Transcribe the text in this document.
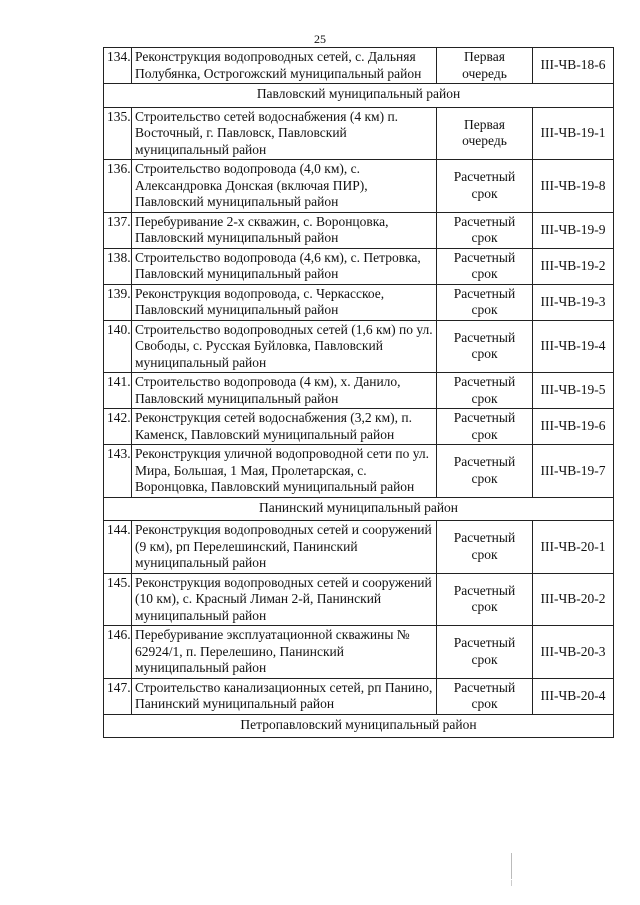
25
134.	Реконструкция водопроводных сетей, с. Дальняя Полубянка, Острогожский муниципальный район	Первая очередь	III-ЧВ-18-6
Павловский муниципальный район			
135.	Строительство сетей водоснабжения (4 км) п. Восточный, г. Павловск, Павловский муниципальный район	Первая очередь	III-ЧВ-19-1
136.	Строительство водопровода (4,0 км), с. Александровка Донская (включая ПИР), Павловский муниципальный район	Расчетный срок	III-ЧВ-19-8
137.	Перебуривание 2-х скважин, с. Воронцовка, Павловский муниципальный район	Расчетный срок	III-ЧВ-19-9
138.	Строительство водопровода (4,6 км), с. Петровка, Павловский муниципальный район	Расчетный срок	III-ЧВ-19-2
139.	Реконструкция водопровода, с. Черкасское, Павловский муниципальный район	Расчетный срок	III-ЧВ-19-3
140.	Строительство водопроводных сетей (1,6 км) по ул. Свободы, с. Русская Буйловка, Павловский муниципальный район	Расчетный срок	III-ЧВ-19-4
141.	Строительство водопровода (4 км), х. Данило, Павловский муниципальный район	Расчетный срок	III-ЧВ-19-5
142.	Реконструкция сетей водоснабжения (3,2 км), п. Каменск, Павловский муниципальный район	Расчетный срок	III-ЧВ-19-6
143.	Реконструкция уличной водопроводной сети по ул. Мира, Большая, 1 Мая, Пролетарская, с. Воронцовка, Павловский муниципальный район	Расчетный срок	III-ЧВ-19-7
Панинский муниципальный район			
144.	Реконструкция водопроводных сетей и сооружений (9 км), рп Перелешинский, Панинский муниципальный район	Расчетный срок	III-ЧВ-20-1
145.	Реконструкция водопроводных сетей и сооружений (10 км), с. Красный Лиман 2-й, Панинский муниципальный район	Расчетный срок	III-ЧВ-20-2
146.	Перебуривание эксплуатационной скважины № 62924/1, п. Перелешино, Панинский муниципальный район	Расчетный срок	III-ЧВ-20-3
147.	Строительство канализационных сетей, рп Панино, Панинский муниципальный район	Расчетный срок	III-ЧВ-20-4
Петропавловский муниципальный район			
